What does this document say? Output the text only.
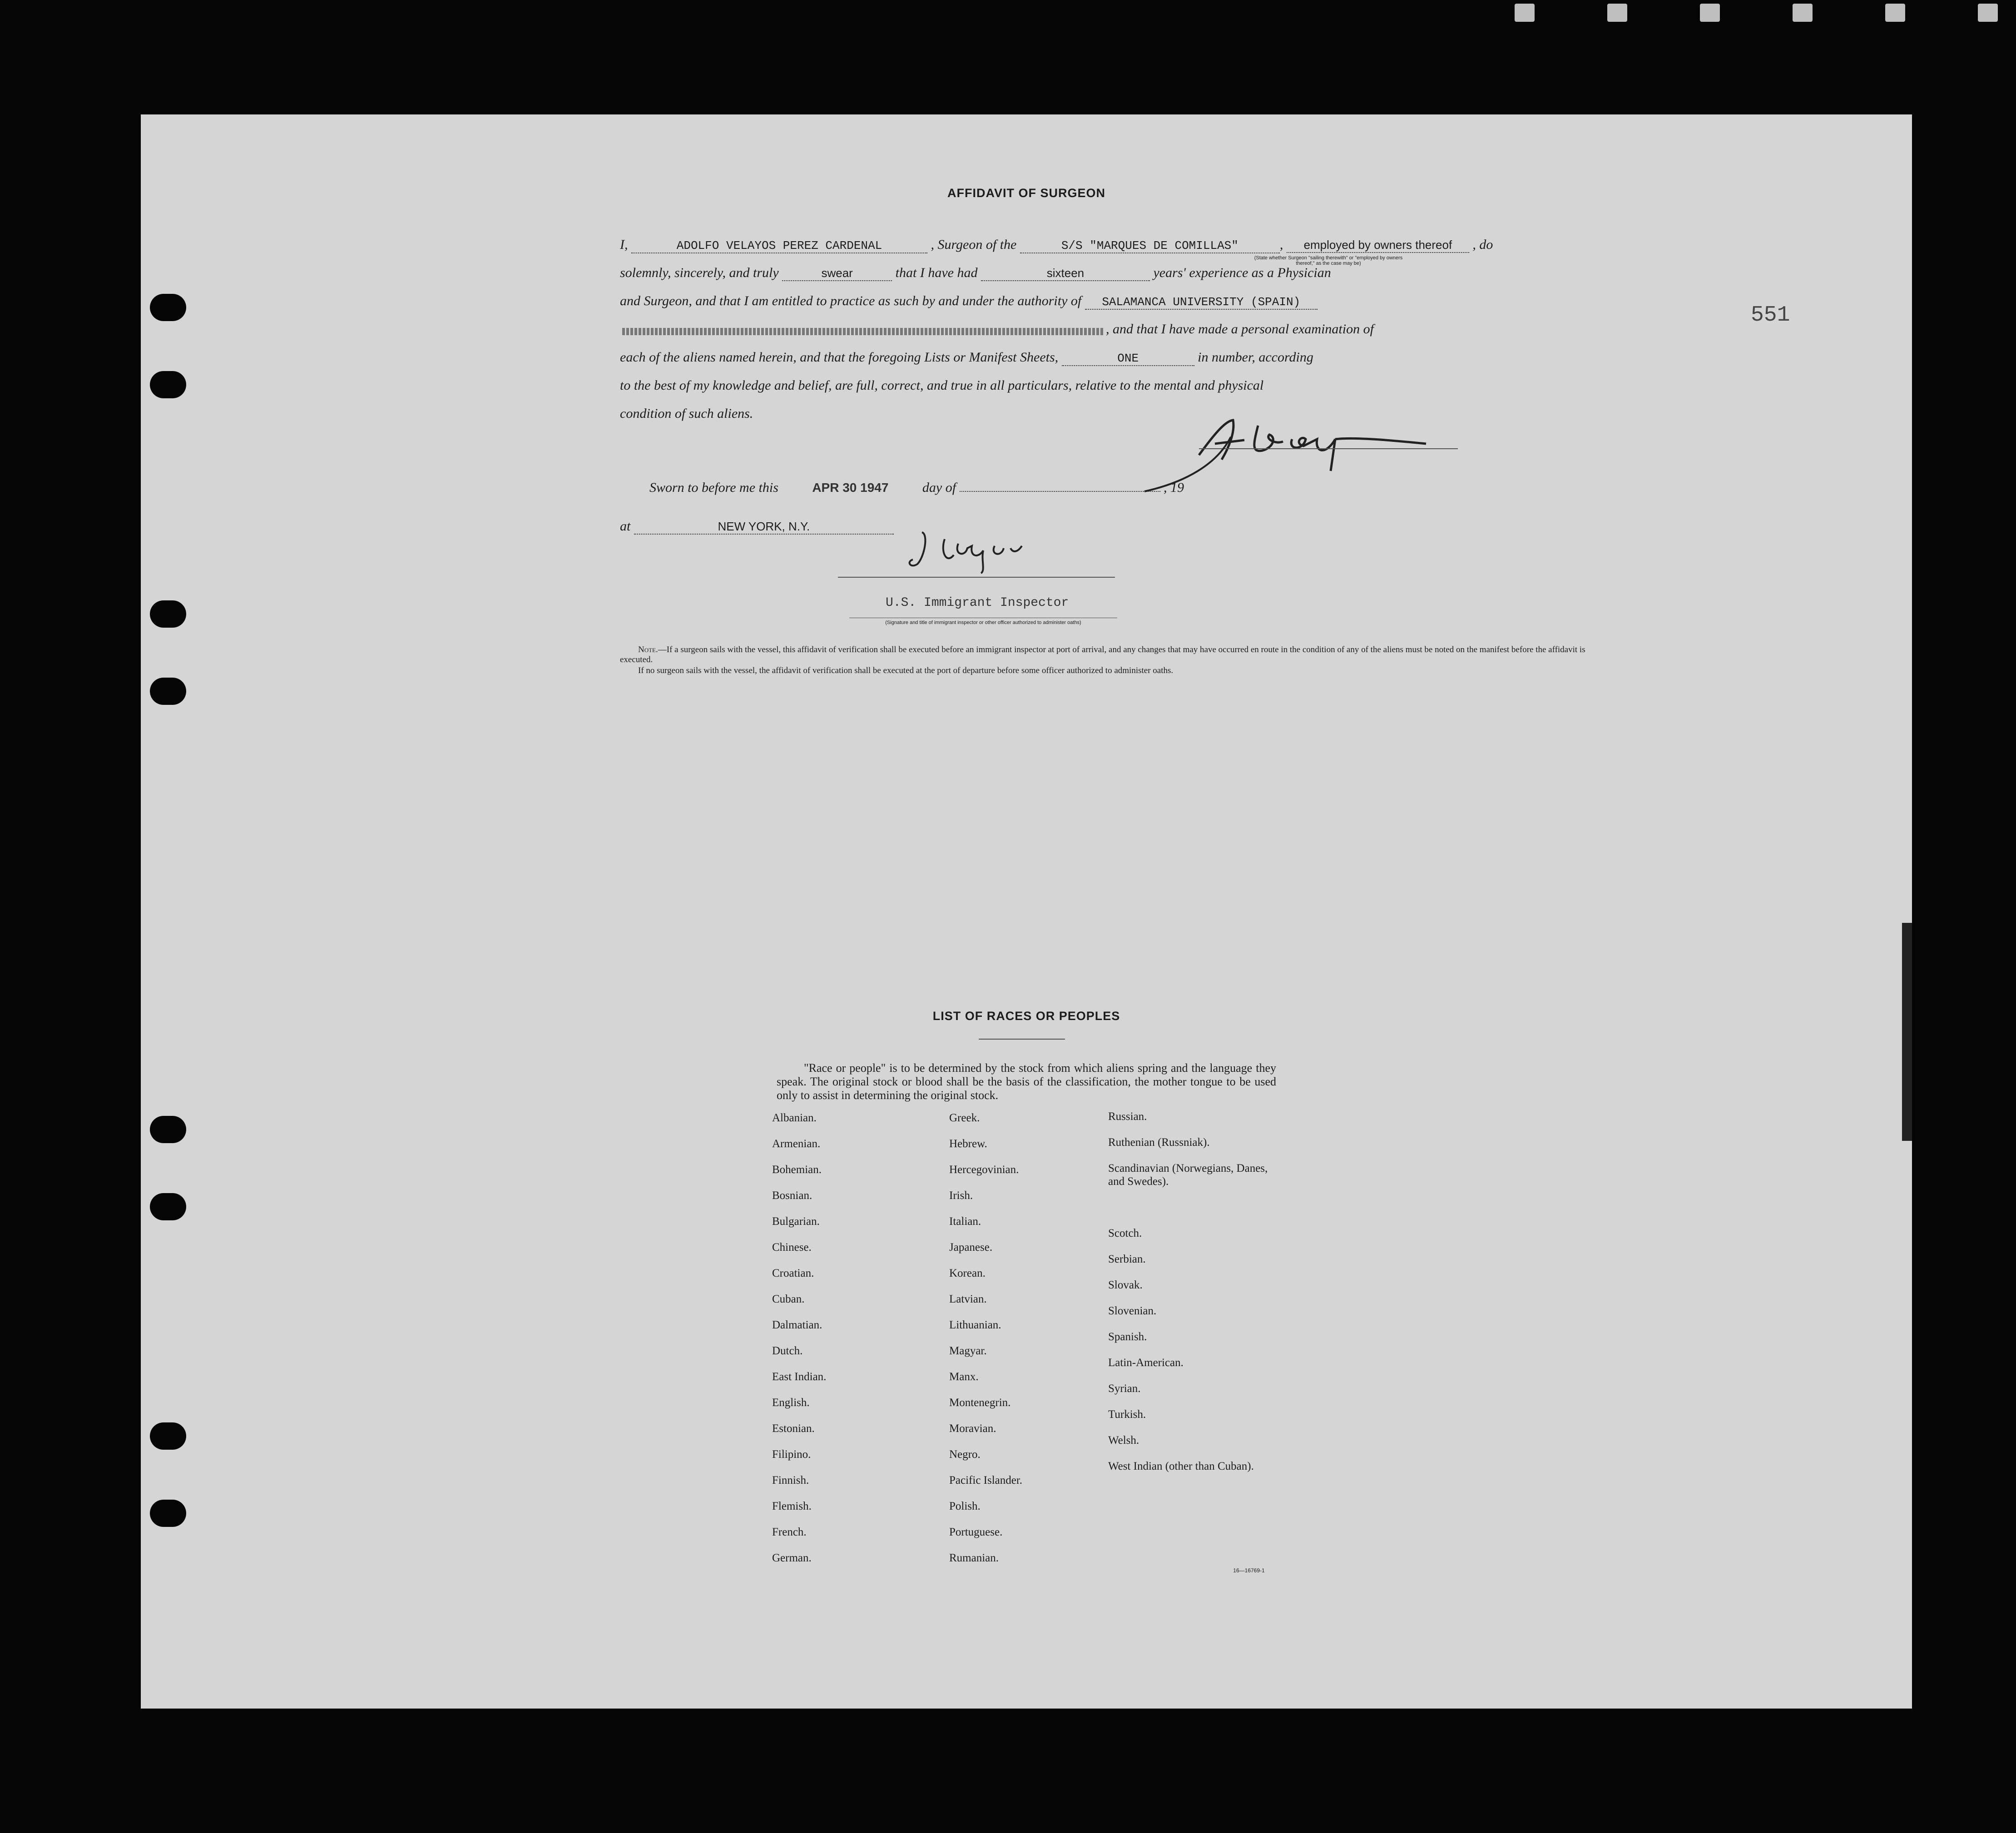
551
AFFIDAVIT OF SURGEON
I,	ADOLFO VELAYOS PEREZ CARDENAL	, Surgeon of the	S/S "MARQUES DE COMILLAS"	, employed by owners thereof , do
(State whether Surgeon "sailing therewith" or "employed by owners thereof," as the case may be)
solemnly, sincerely, and truly	swear	that I have had	sixteen	years' experience as a Physician
and Surgeon, and that I am entitled to practice as such by and under the authority of SALAMANCA UNIVERSITY (SPAIN)
, and that I have made a personal examination of
each of the aliens named herein, and that the foregoing Lists or Manifest Sheets,	ONE	in number, according
to the best of my knowledge and belief, are full, correct, and true in all particulars, relative to the mental and physical
condition of such aliens.
Sworn to before me this	APR 30 1947 day of	, 19
at	NEW YORK, N.Y.
U.S. Immigrant Inspector
(Signature and title of immigrant inspector or other officer authorized to administer oaths)
Note.—If a surgeon sails with the vessel, this affidavit of verification shall be executed before an immigrant inspector at port of arrival, and any changes that may have occurred en route in the condition of any of the aliens must be noted on the manifest before the affidavit is executed.
If no surgeon sails with the vessel, the affidavit of verification shall be executed at the port of departure before some officer authorized to administer oaths.
LIST OF RACES OR PEOPLES
"Race or people" is to be determined by the stock from which aliens spring and the language they speak. The original stock or blood shall be the basis of the classification, the mother tongue to be used only to assist in determining the original stock.
Albanian.
Armenian.
Bohemian.
Bosnian.
Bulgarian.
Chinese.
Croatian.
Cuban.
Dalmatian.
Dutch.
East Indian.
English.
Estonian.
Filipino.
Finnish.
Flemish.
French.
German.
Greek.
Hebrew.
Hercegovinian.
Irish.
Italian.
Japanese.
Korean.
Latvian.
Lithuanian.
Magyar.
Manx.
Montenegrin.
Moravian.
Negro.
Pacific Islander.
Polish.
Portuguese.
Rumanian.
Russian.
Ruthenian (Russniak).
Scandinavian (Norwegians, Danes, and Swedes).
Scotch.
Serbian.
Slovak.
Slovenian.
Spanish.
Latin-American.
Syrian.
Turkish.
Welsh.
West Indian (other than Cuban).
16—16769-1
